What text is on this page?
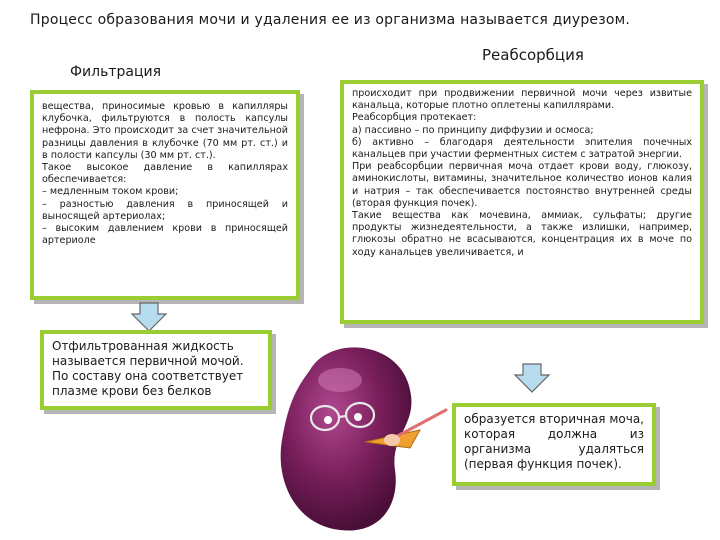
Процесс образования мочи и удаления ее из организма называется диурезом.
Фильтрация
Реабсорбция

вещества, приносимые кровью в капилляры клубочка, фильтруются в полость капсулы нефрона. Это происходит за счет значительной разницы давления в клубочке (70 мм рт. ст.) и в полости капсулы (30 мм рт. ст.).
Такое высокое давление в капиллярах обеспечивается:
– медленным током крови;
– разностью давления в приносящей и выносящей артериолах;
– высоким давлением крови в приносящей артериоле

происходит при продвижении первичной мочи через извитые канальца, которые плотно оплетены капиллярами.
Реабсорбция протекает:
а) пассивно – по принципу диффузии и осмоса;
б) активно – благодаря деятельности эпителия почечных канальцев при участии ферментных систем с затратой энергии.
При реабсорбции первичная моча отдает крови воду, глюкозу, аминокислоты, витамины, значительное количество ионов калия и натрия – так обеспечивается постоянство внутренней среды (вторая функция почек).
Такие вещества как мочевина, аммиак, сульфаты; другие продукты жизнедеятельности, а также излишки, например, глюкозы обратно не всасываются, концентрация их в моче по ходу канальцев увеличивается, и

Отфильтрованная жидкость называется первичной мочой. По составу она соответствует плазме крови без белков

образуется вторичная моча, которая должна из организма удаляться (первая функция почек).
